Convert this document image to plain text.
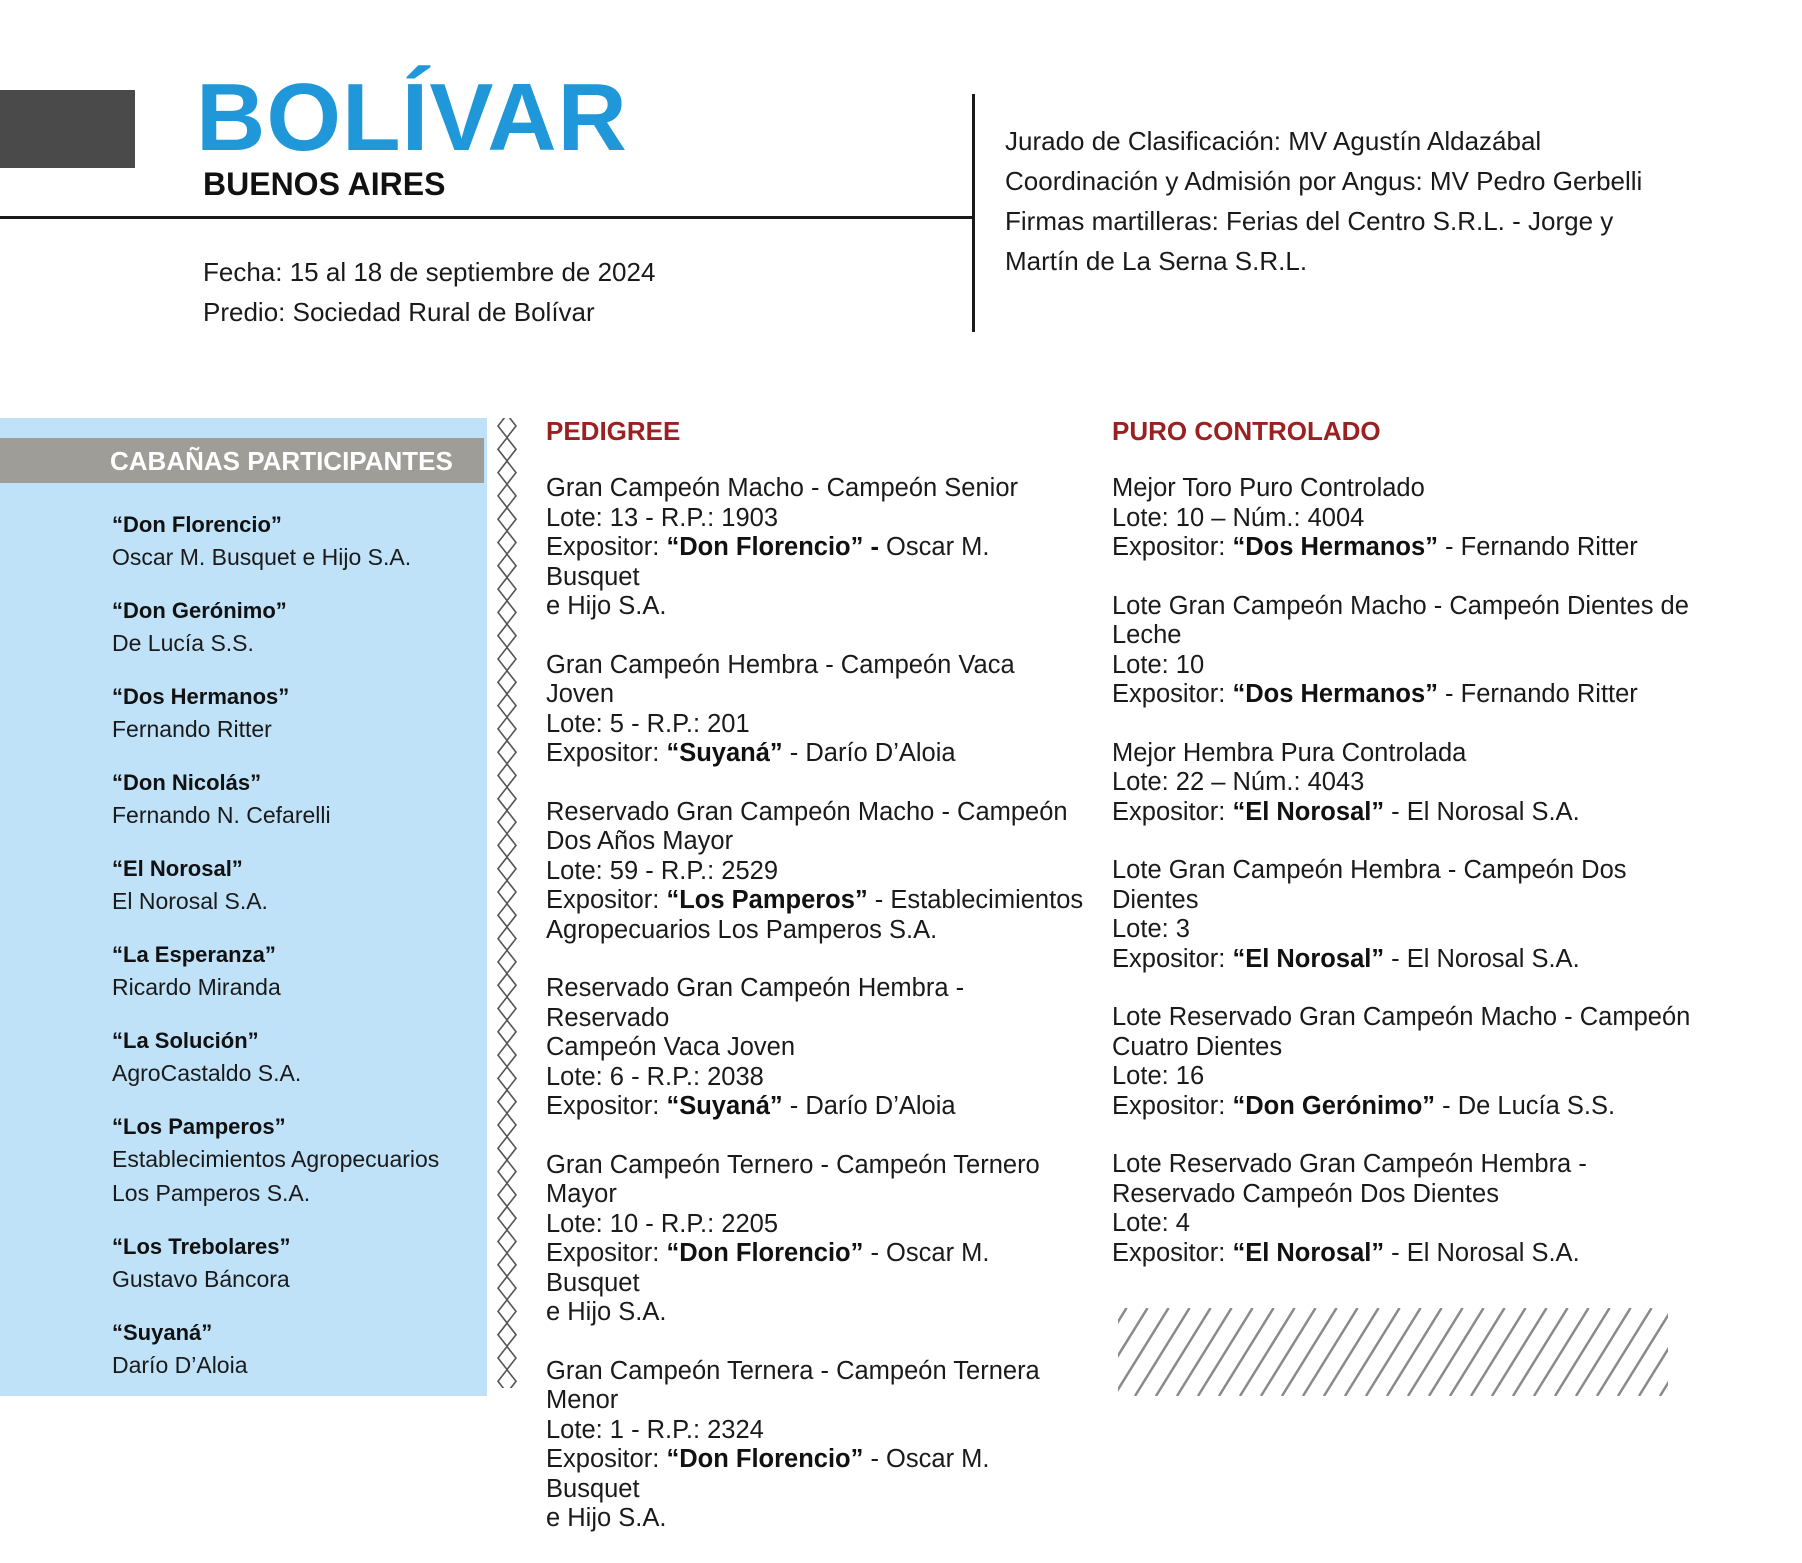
BOLÍVAR
BUENOS AIRES
Fecha: 15 al 18 de septiembre de 2024
Predio: Sociedad Rural de Bolívar
Jurado de Clasificación: MV Agustín Aldazábal
Coordinación y Admisión por Angus: MV Pedro Gerbelli
Firmas martilleras: Ferias del Centro S.R.L. - Jorge y
Martín de La Serna S.R.L.
CABAÑAS PARTICIPANTES
“Don Florencio”
Oscar M. Busquet e Hijo S.A.
“Don Gerónimo”
De Lucía S.S.
“Dos Hermanos”
Fernando Ritter
“Don Nicolás”
Fernando N. Cefarelli
“El Norosal”
El Norosal S.A.
“La Esperanza”
Ricardo Miranda
“La Solución”
AgroCastaldo S.A.
“Los Pamperos”
Establecimientos Agropecuarios
Los Pamperos S.A.
“Los Trebolares”
Gustavo Báncora
“Suyaná”
Darío D’Aloia
PEDIGREE
Gran Campeón Macho - Campeón Senior
Lote: 13 - R.P.: 1903
Expositor: “Don Florencio” - Oscar M. Busquet
e Hijo S.A.
Gran Campeón Hembra - Campeón Vaca Joven
Lote: 5 - R.P.: 201
Expositor: “Suyaná” - Darío D’Aloia
Reservado Gran Campeón Macho - Campeón
Dos Años Mayor
Lote: 59 - R.P.: 2529
Expositor: “Los Pamperos” - Establecimientos
Agropecuarios Los Pamperos S.A.
Reservado Gran Campeón Hembra - Reservado
Campeón Vaca Joven
Lote: 6 - R.P.: 2038
Expositor: “Suyaná” - Darío D’Aloia
Gran Campeón Ternero - Campeón Ternero
Mayor
Lote: 10 - R.P.: 2205
Expositor: “Don Florencio” - Oscar M. Busquet
e Hijo S.A.
Gran Campeón Ternera - Campeón Ternera
Menor
Lote: 1 - R.P.: 2324
Expositor: “Don Florencio” - Oscar M. Busquet
e Hijo S.A.
PURO CONTROLADO
Mejor Toro Puro Controlado
Lote: 10 – Núm.: 4004
Expositor: “Dos Hermanos” - Fernando Ritter
Lote Gran Campeón Macho - Campeón Dientes de
Leche
Lote: 10
Expositor: “Dos Hermanos” - Fernando Ritter
Mejor Hembra Pura Controlada
Lote: 22 – Núm.: 4043
Expositor: “El Norosal” - El Norosal S.A.
Lote Gran Campeón Hembra - Campeón Dos
Dientes
Lote: 3
Expositor: “El Norosal” - El Norosal S.A.
Lote Reservado Gran Campeón Macho - Campeón
Cuatro Dientes
Lote: 16
Expositor: “Don Gerónimo” - De Lucía S.S.
Lote Reservado Gran Campeón Hembra -
Reservado Campeón Dos Dientes
Lote: 4
Expositor: “El Norosal” - El Norosal S.A.
